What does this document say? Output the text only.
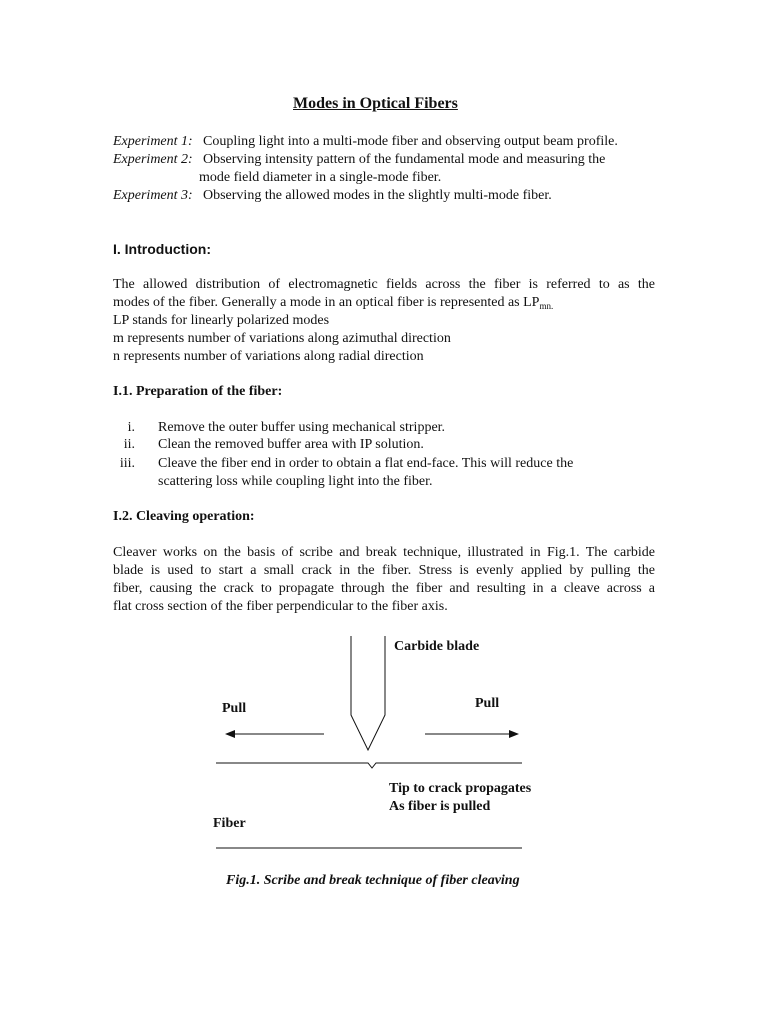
Modes in Optical Fibers
Experiment 1: Coupling light into a multi-mode fiber and observing output beam profile.
Experiment 2: Observing intensity pattern of the fundamental mode and measuring the
mode field diameter in a single-mode fiber.
Experiment 3: Observing the allowed modes in the slightly multi-mode fiber.
I. Introduction:
The allowed distribution of electromagnetic fields across the fiber is referred to as the
modes of the fiber. Generally a mode in an optical fiber is represented as $LP_{mn.}$
LP stands for linearly polarized modes
m represents number of variations along azimuthal direction
n represents number of variations along radial direction
I.1. Preparation of the fiber:
i. Remove the outer buffer using mechanical stripper.
ii. Clean the removed buffer area with IP solution.
iii. Cleave the fiber end in order to obtain a flat end-face. This will reduce the
scattering loss while coupling light into the fiber.
I.2. Cleaving operation:
Cleaver works on the basis of scribe and break technique, illustrated in Fig.1. The carbide
blade is used to start a small crack in the fiber. Stress is evenly applied by pulling the
fiber, causing the crack to propagate through the fiber and resulting in a cleave across a
flat cross section of the fiber perpendicular to the fiber axis.
Carbide blade
Pull	Pull
Tip to crack propagates
As fiber is pulled
Fiber
Fig.1. Scribe and break technique of fiber cleaving
